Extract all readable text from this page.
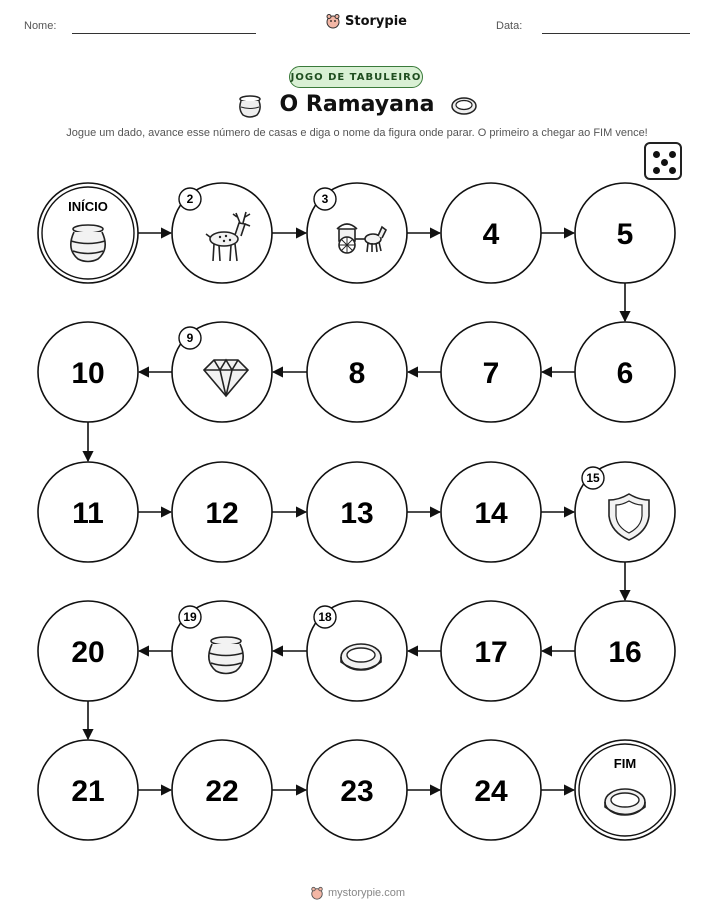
Nome:	Storypie	Data:
JOGO DE TABULEIRO
O Ramayana
Jogue um dado, avance esse número de casas e diga o nome da figura onde parar. O primeiro a chegar ao FIM vence!
INÍCIO	2	3
4	5
6
7
8
9
10
11	12	13	14
15
16
17
18
19
20
21	22	23	24
FIM
mystorypie.com
